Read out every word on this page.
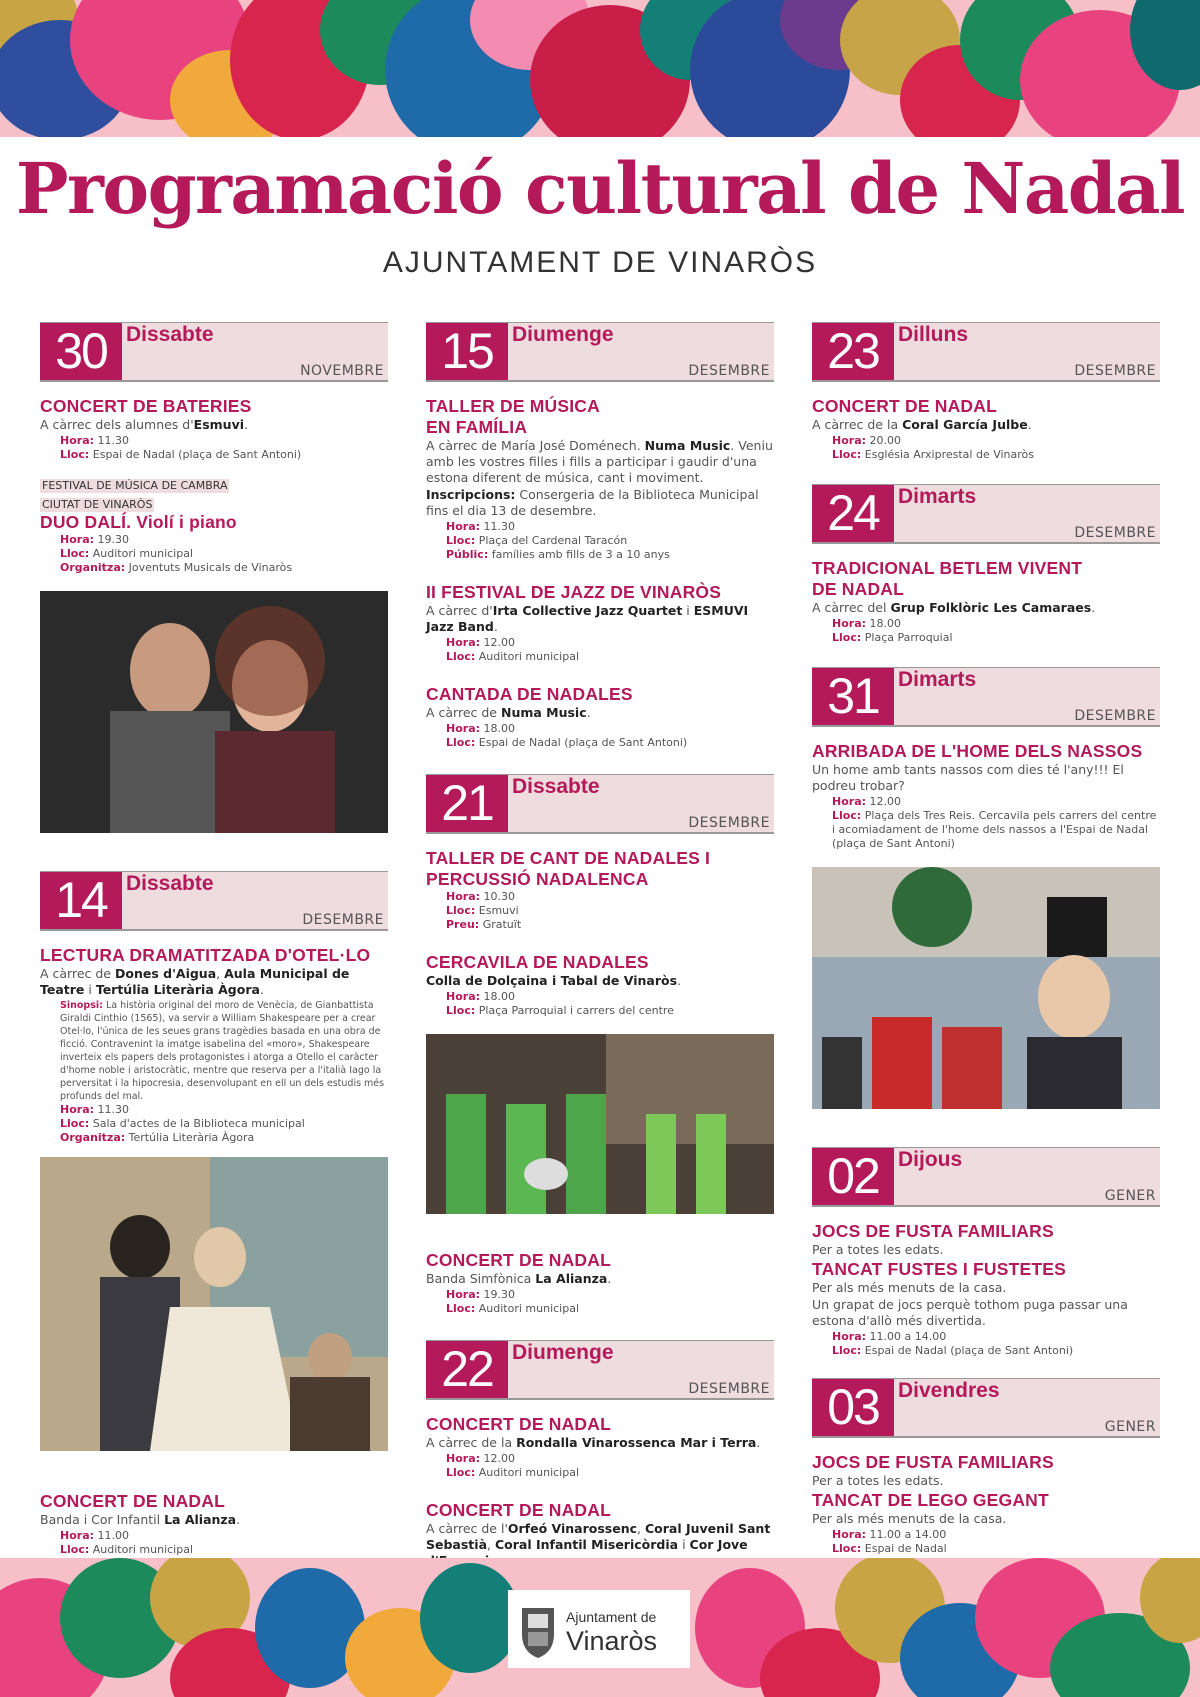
Programació cultural de Nadal
AJUNTAMENT DE VINARÒS
30 Dissabte
NOVEMBRE

CONCERT DE BATERIES

A càrrec dels alumnes d'Esmuvi.

Hora: 11.30
Lloc: Espai de Nadal (plaça de Sant Antoni)
FESTIVAL DE MÚSICA DE CAMBRA
CIUTAT DE VINARÒS

DUO DALÍ. Violí i piano

Hora: 19.30
Lloc: Auditori municipal
Organitza: Joventuts Musicals de Vinaròs
14 Dissabte
DESEMBRE

LECTURA DRAMATITZADA D'OTEL·LO

A càrrec de Dones d'Aigua, Aula Municipal de Teatre i Tertúlia Literària Àgora.

Sinopsi: La història original del moro de Venècia, de Gianbattista Giraldi Cinthio (1565), va servir a William Shakespeare per a crear Otel·lo, l'única de les seues grans tragèdies basada en una obra de ficció. Contravenint la imatge isabelina del «moro», Shakespeare inverteix els papers dels protagonistes i atorga a Otello el caràcter d'home noble i aristocràtic, mentre que reserva per a l'italià Iago la perversitat i la hipocresia, desenvolupant en ell un dels estudis més profunds del mal.
Hora: 11.30
Lloc: Sala d'actes de la Biblioteca municipal
Organitza: Tertúlia Literària Àgora

CONCERT DE NADAL

Banda i Cor Infantil La Alianza.

Hora: 11.00
Lloc: Auditori municipal
15 Diumenge
DESEMBRE

TALLER DE MÚSICA

EN FAMÍLIA

A càrrec de María José Doménech. Numa Music. Veniu amb les vostres filles i fills a participar i gaudir d'una estona diferent de música, cant i moviment.

Inscripcions: Consergeria de la Biblioteca Municipal fins el dia 13 de desembre.

Hora: 11.30
Lloc: Plaça del Cardenal Taracón
Públic: famílies amb fills de 3 a 10 anys

II FESTIVAL DE JAZZ DE VINARÒS

A càrrec d'Irta Collective Jazz Quartet i ESMUVI Jazz Band.

Hora: 12.00
Lloc: Auditori municipal

CANTADA DE NADALES

A càrrec de Numa Music.

Hora: 18.00
Lloc: Espai de Nadal (plaça de Sant Antoni)
21 Dissabte
DESEMBRE

TALLER DE CANT DE NADALES I

PERCUSSIÓ NADALENCA

Hora: 10.30
Lloc: Esmuvi
Preu: Gratuït

CERCAVILA DE NADALES

Colla de Dolçaina i Tabal de Vinaròs.

Hora: 18.00
Lloc: Plaça Parroquial i carrers del centre

CONCERT DE NADAL

Banda Simfònica La Alianza.

Hora: 19.30
Lloc: Auditori municipal
22 Diumenge
DESEMBRE

CONCERT DE NADAL

A càrrec de la Rondalla Vinarossenca Mar i Terra.

Hora: 12.00
Lloc: Auditori municipal

CONCERT DE NADAL

A càrrec de l'Orfeó Vinarossenc, Coral Juvenil Sant Sebastià, Coral Infantil Misericòrdia i Cor Jove

23 Dilluns
DESEMBRE

CONCERT DE NADAL

A càrrec de la Coral García Julbe.

Hora: 20.00
Lloc: Església Arxiprestal de Vinaròs
24 Dimarts
DESEMBRE

TRADICIONAL BETLEM VIVENT

DE NADAL

A càrrec del Grup Folklòric Les Camaraes.

Hora: 18.00
Lloc: Plaça Parroquial
31 Dimarts
DESEMBRE

ARRIBADA DE L'HOME DELS NASSOS

Un home amb tants nassos com dies té l'any!!! El podreu trobar?

Hora: 12.00
Lloc: Plaça dels Tres Reis. Cercavila pels carrers del centre i acomiadament de l'home dels nassos a l'Espai de Nadal (plaça de Sant Antoni)
02 Dijous
GENER

JOCS DE FUSTA FAMILIARS

Per a totes les edats.

TANCAT FUSTES I FUSTETES

Per als més menuts de la casa.

Un grapat de jocs perquè tothom puga passar una estona d'allò més divertida.

Hora: 11.00 a 14.00
Lloc: Espai de Nadal (plaça de Sant Antoni)
03 Divendres
GENER

JOCS DE FUSTA FAMILIARS

Per a totes les edats.

TANCAT DE LEGO GEGANT

Per als més menuts de la casa.

Hora: 11.00 a 14.00
Lloc: Espai de Nadal
Ajuntament de
Vinaròs
